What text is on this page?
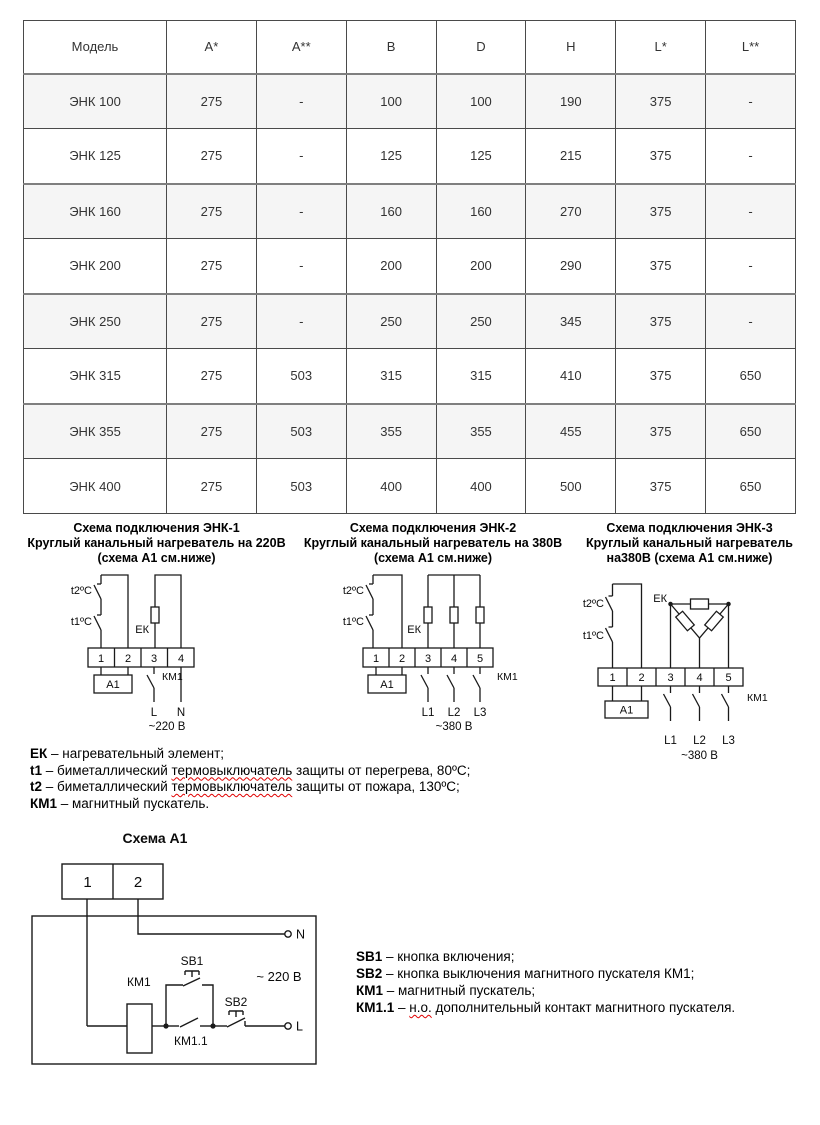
Модель	A*	A**	B	D	H	L*	L**
ЭНК 100	275	-	100	100	190	375	-
ЭНК 125	275	-	125	125	215	375	-
ЭНК 160	275	-	160	160	270	375	-
ЭНК 200	275	-	200	200	290	375	-
ЭНК 250	275	-	250	250	345	375	-
ЭНК 315	275	503	315	315	410	375	650
ЭНК 355	275	503	355	355	455	375	650
ЭНК 400	275	503	400	400	500	375	650
Схема подключения ЭНК-1
Круглый канальный нагреватель на 220В
(схема А1 см.ниже)
t2ºC
t1ºC
ЕК
1 2 3 4
А1
КМ1
L N
~220 В
Схема подключения ЭНК-2
Круглый канальный нагреватель на 380В
(схема А1 см.ниже)
t2ºC
t1ºC
ЕК
1 2 3 4 5
А1
КМ1
L1 L2 L3
~380 В
Схема подключения ЭНК-3
Круглый канальный нагреватель
на380В (схема А1 см.ниже)
t2ºC
t1ºC
ЕК
1 2 3 4 5
А1
КМ1
L1 L2 L3
~380 В
ЕК – нагревательный элемент;
t1 – биметаллический термовыключатель защиты от перегрева, 80ºС;
t2 – биметаллический термовыключатель защиты от пожара, 130ºС;
КМ1 – магнитный пускатель.
Схема А1
1	2
N
L
КМ1
КМ1.1
SB1
SB2
~ 220 В
SB1 – кнопка включения;
SB2 – кнопка выключения магнитного пускателя КМ1;
КМ1 – магнитный пускатель;
КМ1.1 – н.о. дополнительный контакт магнитного пускателя.
